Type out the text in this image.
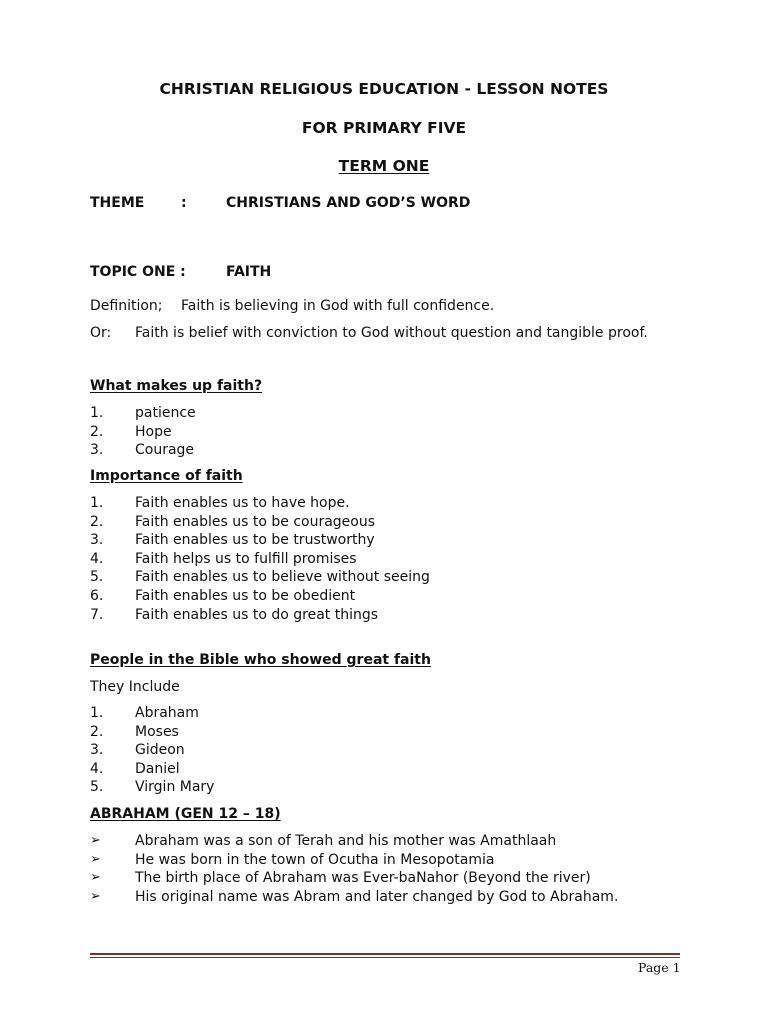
CHRISTIAN RELIGIOUS EDUCATION - LESSON NOTES
FOR PRIMARY FIVE
TERM ONE
THEME	:	CHRISTIANS AND GOD’S WORD
TOPIC ONE :	FAITH
Definition; Faith is believing in God with full confidence.
Or: Faith is belief with conviction to God without question and tangible proof.
What makes up faith?
1. patience
2. Hope
3. Courage
Importance of faith
1. Faith enables us to have hope.
2. Faith enables us to be courageous
3. Faith enables us to be trustworthy
4. Faith helps us to fulfill promises
5. Faith enables us to believe without seeing
6. Faith enables us to be obedient
7. Faith enables us to do great things
People in the Bible who showed great faith
They Include
1. Abraham
2. Moses
3. Gideon
4. Daniel
5. Virgin Mary
ABRAHAM (GEN 12 – 18)
➢ Abraham was a son of Terah and his mother was Amathlaah
➢ He was born in the town of Ocutha in Mesopotamia
➢ The birth place of Abraham was Ever-baNahor (Beyond the river)
➢ His original name was Abram and later changed by God to Abraham.
Page 1
